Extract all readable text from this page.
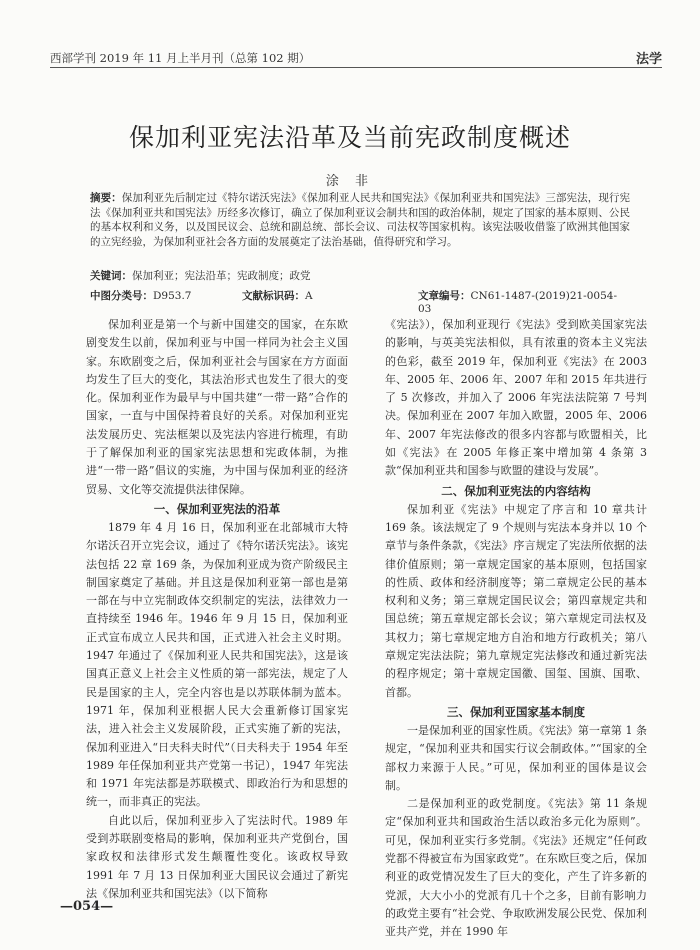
西部学刊 2019 年 11 月上半月刊（总第 102 期）	法学
保加利亚宪法沿革及当前宪政制度概述
涂 非
摘要：保加利亚先后制定过《特尔诺沃宪法》《保加利亚人民共和国宪法》《保加利亚共和国宪法》三部宪法，现行宪法《保加利亚共和国宪法》历经多次修订，确立了保加利亚议会制共和国的政治体制，规定了国家的基本原则、公民的基本权利和义务，以及国民议会、总统和副总统、部长会议、司法权等国家机构。该宪法吸收借鉴了欧洲其他国家的立宪经验，为保加利亚社会各方面的发展奠定了法治基础，值得研究和学习。
关键词：保加利亚；宪法沿革；宪政制度；政党
中图分类号：D953.7	文献标识码：A	文章编号：CN61-1487-(2019)21-0054-03

保加利亚是第一个与新中国建交的国家，在东欧剧变发生以前，保加利亚与中国一样同为社会主义国家。东欧剧变之后，保加利亚社会与国家在方方面面均发生了巨大的变化，其法治形式也发生了很大的变化。保加利亚作为最早与中国共建“一带一路”合作的国家，一直与中国保持着良好的关系。对保加利亚宪法发展历史、宪法框架以及宪法内容进行梳理，有助于了解保加利亚的国家宪法思想和宪政体制，为推进“一带一路”倡议的实施，为中国与保加利亚的经济贸易、文化等交流提供法律保障。

一、保加利亚宪法的沿革

1879 年 4 月 16 日，保加利亚在北部城市大特尔诺沃召开立宪会议，通过了《特尔诺沃宪法》。该宪法包括 22 章 169 条，为保加利亚成为资产阶级民主制国家奠定了基础。并且这是保加利亚第一部也是第一部在与中立宪制政体交织制定的宪法，法律效力一直持续至 1946 年。1946 年 9 月 15 日，保加利亚正式宣布成立人民共和国，正式进入社会主义时期。1947 年通过了《保加利亚人民共和国宪法》，这是该国真正意义上社会主义性质的第一部宪法，规定了人民是国家的主人，完全内容也是以苏联体制为蓝本。1971 年，保加利亚根据人民大会重新修订国家宪法，进入社会主义发展阶段，正式实施了新的宪法，保加利亚进入“日夫科夫时代”（日夫科夫于 1954 年至 1989 年任保加利亚共产党第一书记），1947 年宪法和 1971 年宪法都是苏联模式、即政治行为和思想的统一，而非真正的宪法。

自此以后，保加利亚步入了宪法时代。1989 年受到苏联剧变格局的影响，保加利亚共产党倒台，国家政权和法律形式发生颠覆性变化。该政权导致 1991 年 7 月 13 日保加利亚大国民议会通过了新宪法《保加利亚共和国宪法》（以下简称

《宪法》），保加利亚现行《宪法》受到欧美国家宪法的影响，与英美宪法相似，具有浓重的资本主义宪法的色彩，截至 2019 年，保加利亚《宪法》在 2003 年、2005 年、2006 年、2007 年和 2015 年共进行了 5 次修改，并加入了 2006 年宪法法院第 7 号判决。保加利亚在 2007 年加入欧盟，2005 年、2006 年、2007 年宪法修改的很多内容都与欧盟相关，比如《宪法》在 2005 年修正案中增加第 4 条第 3 款“保加利亚共和国参与欧盟的建设与发展”。

二、保加利亚宪法的内容结构

保加利亚《宪法》中规定了序言和 10 章共计 169 条。该法规定了 9 个规则与宪法本身并以 10 个章节与条件条款，《宪法》序言规定了宪法所依据的法律价值原则；第一章规定国家的基本原则，包括国家的性质、政体和经济制度等；第二章规定公民的基本权利和义务；第三章规定国民议会；第四章规定共和国总统；第五章规定部长会议；第六章规定司法权及其权力；第七章规定地方自治和地方行政机关；第八章规定宪法法院；第九章规定宪法修改和通过新宪法的程序规定；第十章规定国徽、国玺、国旗、国歌、首都。

三、保加利亚国家基本制度

一是保加利亚的国家性质。《宪法》第一章第 1 条规定，“保加利亚共和国实行议会制政体。”“国家的全部权力来源于人民。”可见，保加利亚的国体是议会制。

二是保加利亚的政党制度。《宪法》第 11 条规定“保加利亚共和国政治生活以政治多元化为原则”。可见，保加利亚实行多党制。《宪法》还规定“任何政党都不得被宣布为国家政党”。在东欧巨变之后，保加利亚的政党情况发生了巨大的变化，产生了许多新的党派，大大小小的党派有几十个之多，目前有影响力的政党主要有“社会党、争取欧洲发展公民党、保加利亚共产党，并在 1990 年

—054—
